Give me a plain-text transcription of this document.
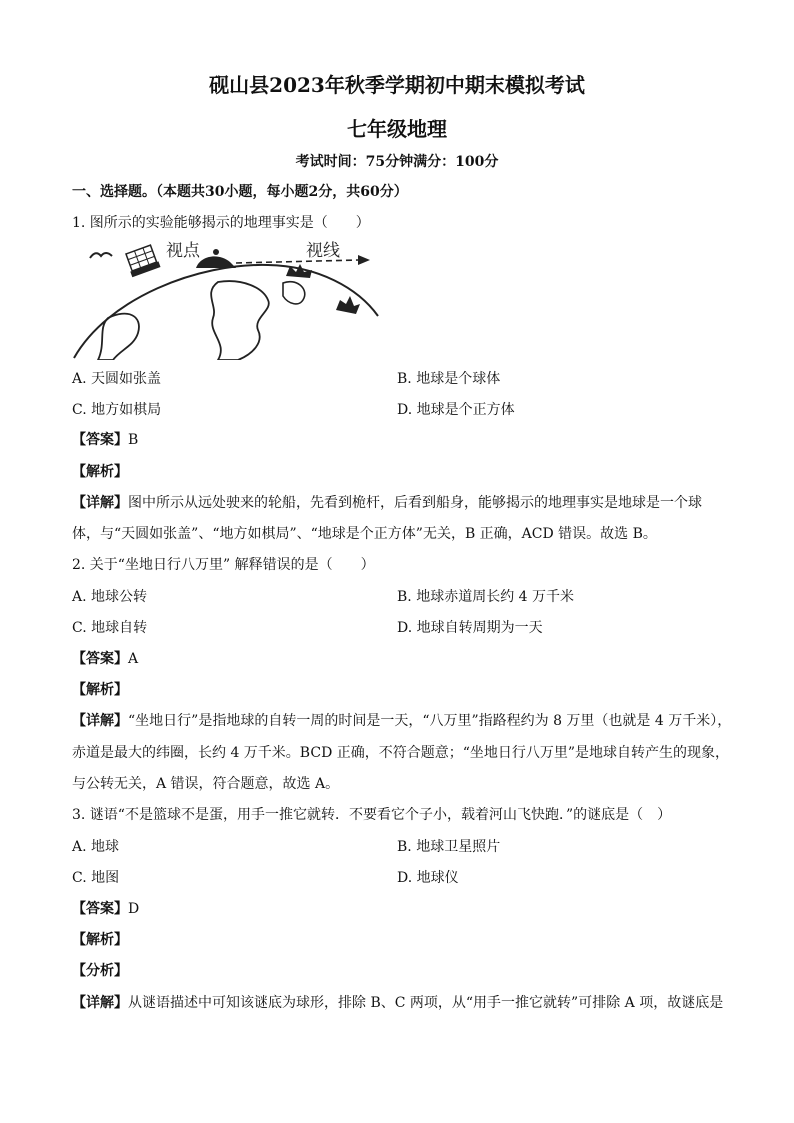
砚山县2023年秋季学期初中期末模拟考试
七年级地理
考试时间：75分钟满分：100分
一、选择题。（本题共30小题，每小题2分，共60分）
1. 图所示的实验能够揭示的地理事实是（　　）
视点	视线
A. 天圆如张盖	B. 地球是个球体
C. 地方如棋局	D. 地球是个正方体
【答案】B
【解析】
【详解】图中所示从远处驶来的轮船，先看到桅杆，后看到船身，能够揭示的地理事实是地球是一个球
体，与“天圆如张盖”、“地方如棋局”、“地球是个正方体”无关，B 正确，ACD 错误。故选 B。
2. 关于“坐地日行八万里” 解释错误的是（　　）
A. 地球公转	B. 地球赤道周长约 4 万千米
C. 地球自转	D. 地球自转周期为一天
【答案】A
【解析】
【详解】“坐地日行”是指地球的自转一周的时间是一天，“八万里”指路程约为 8 万里（也就是 4 万千米），
赤道是最大的纬圈，长约 4 万千米。BCD 正确，不符合题意；“坐地日行八万里”是地球自转产生的现象，
与公转无关，A 错误，符合题意，故选 A。
3. 谜语“不是篮球不是蛋，用手一推它就转．不要看它个子小，载着河山飞快跑．”的谜底是（　）
A. 地球	B. 地球卫星照片
C. 地图	D. 地球仪
【答案】D
【解析】
【分析】
【详解】从谜语描述中可知该谜底为球形，排除 B、C 两项，从“用手一推它就转”可排除 A 项，故谜底是
